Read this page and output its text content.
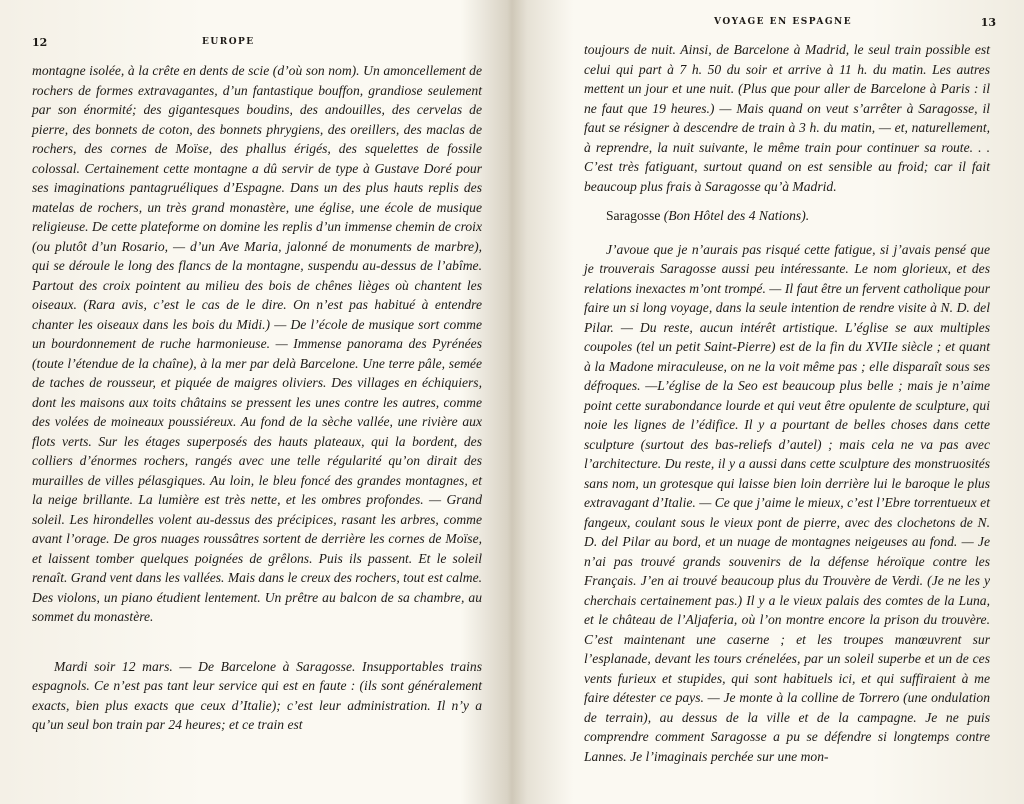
12	EUROPE

montagne isolée, à la crête en dents de scie (d’où son nom). Un amoncellement de rochers de formes extravagantes, d’un fantastique bouffon, grandiose seulement par son énormité; des gigantesques boudins, des andouilles, des cervelas de pierre, des bonnets de coton, des bonnets phrygiens, des oreillers, des maclas de rochers, des cornes de Moïse, des phallus érigés, des squelettes de fossile colossal. Certainement cette montagne a dû servir de type à Gustave Doré pour ses imaginations pantagruéliques d’Espagne. Dans un des plus hauts replis des matelas de rochers, un très grand monastère, une église, une école de musique religieuse. De cette plateforme on domine les replis d’un immense chemin de croix (ou plutôt d’un Rosario, — d’un Ave Maria, jalonné de monuments de marbre), qui se déroule le long des flancs de la montagne, suspendu au-dessus de l’abîme. Partout des croix pointent au milieu des bois de chênes lièges où chantent les oiseaux. (Rara avis, c’est le cas de le dire. On n’est pas habitué à entendre chanter les oiseaux dans les bois du Midi.) — De l’école de musique sort comme un bourdonnement de ruche harmonieuse. — Immense panorama des Pyrénées (toute l’étendue de la chaîne), à la mer par delà Barcelone. Une terre pâle, semée de taches de rousseur, et piquée de maigres oliviers. Des villages en échiquiers, dont les maisons aux toits châtains se pressent les unes contre les autres, comme des volées de moineaux poussiéreux. Au fond de la sèche vallée, une rivière aux flots verts. Sur les étages superposés des hauts plateaux, qui la bordent, des colliers d’énormes rochers, rangés avec une telle régularité qu’on dirait des murailles de villes pélasgiques. Au loin, le bleu foncé des grandes montagnes, et la neige brillante. La lumière est très nette, et les ombres profondes. — Grand soleil. Les hirondelles volent au-dessus des précipices, rasant les arbres, comme avant l’orage. De gros nuages roussâtres sortent de derrière les cornes de Moïse, et laissent tomber quelques poignées de grêlons. Puis ils passent. Et le soleil renaît. Grand vent dans les vallées. Mais dans le creux des rochers, tout est calme. Des violons, un piano étudient lentement. Un prêtre au balcon de sa chambre, au sommet du monastère.

Mardi soir 12 mars. — De Barcelone à Saragosse. Insupportables trains espagnols. Ce n’est pas tant leur service qui est en faute : (ils sont généralement exacts, bien plus exacts que ceux d’Italie); c’est leur administration. Il n’y a qu’un seul bon train par 24 heures; et ce train est

VOYAGE EN ESPAGNE	13

toujours de nuit. Ainsi, de Barcelone à Madrid, le seul train possible est celui qui part à 7 h. 50 du soir et arrive à 11 h. du matin. Les autres mettent un jour et une nuit. (Plus que pour aller de Barcelone à Paris : il ne faut que 19 heures.) — Mais quand on veut s’arrêter à Saragosse, il faut se résigner à descendre de train à 3 h. du matin, — et, naturellement, à reprendre, la nuit suivante, le même train pour continuer sa route. . . C’est très fatiguant, surtout quand on est sensible au froid; car il fait beaucoup plus frais à Saragosse qu’à Madrid.

Saragosse (Bon Hôtel des 4 Nations).

J’avoue que je n’aurais pas risqué cette fatigue, si j’avais pensé que je trouverais Saragosse aussi peu intéressante. Le nom glorieux, et des relations inexactes m’ont trompé. — Il faut être un fervent catholique pour faire un si long voyage, dans la seule intention de rendre visite à N. D. del Pilar. — Du reste, aucun intérêt artistique. L’église se aux multiples coupoles (tel un petit Saint-Pierre) est de la fin du XVIIe siècle ; et quant à la Madone miraculeuse, on ne la voit même pas ; elle disparaît sous ses défroques. —L’église de la Seo est beaucoup plus belle ; mais je n’aime point cette surabondance lourde et qui veut être opulente de sculpture, qui noie les lignes de l’édifice. Il y a pourtant de belles choses dans cette sculpture (surtout des bas-reliefs d’autel) ; mais cela ne va pas avec l’architecture. Du reste, il y a aussi dans cette sculpture des monstruosités sans nom, un grotesque qui laisse bien loin derrière lui le baroque le plus extravagant d’Italie. — Ce que j’aime le mieux, c’est l’Ebre torrentueux et fangeux, coulant sous le vieux pont de pierre, avec des clochetons de N. D. del Pilar au bord, et un nuage de montagnes neigeuses au fond. — Je n’ai pas trouvé grands souvenirs de la défense héroïque contre les Français. J’en ai trouvé beaucoup plus du Trouvère de Verdi. (Je ne les y cherchais certainement pas.) Il y a le vieux palais des comtes de la Luna, et le château de l’Aljaferia, où l’on montre encore la prison du trouvère. C’est maintenant une caserne ; et les troupes manœuvrent sur l’esplanade, devant les tours crénelées, par un soleil superbe et un de ces vents furieux et stupides, qui sont habituels ici, et qui suffiraient à me faire détester ce pays. — Je monte à la colline de Torrero (une ondulation de terrain), au dessus de la ville et de la campagne. Je ne puis comprendre comment Saragosse a pu se défendre si longtemps contre Lannes. Je l’imaginais perchée sur une mon-
